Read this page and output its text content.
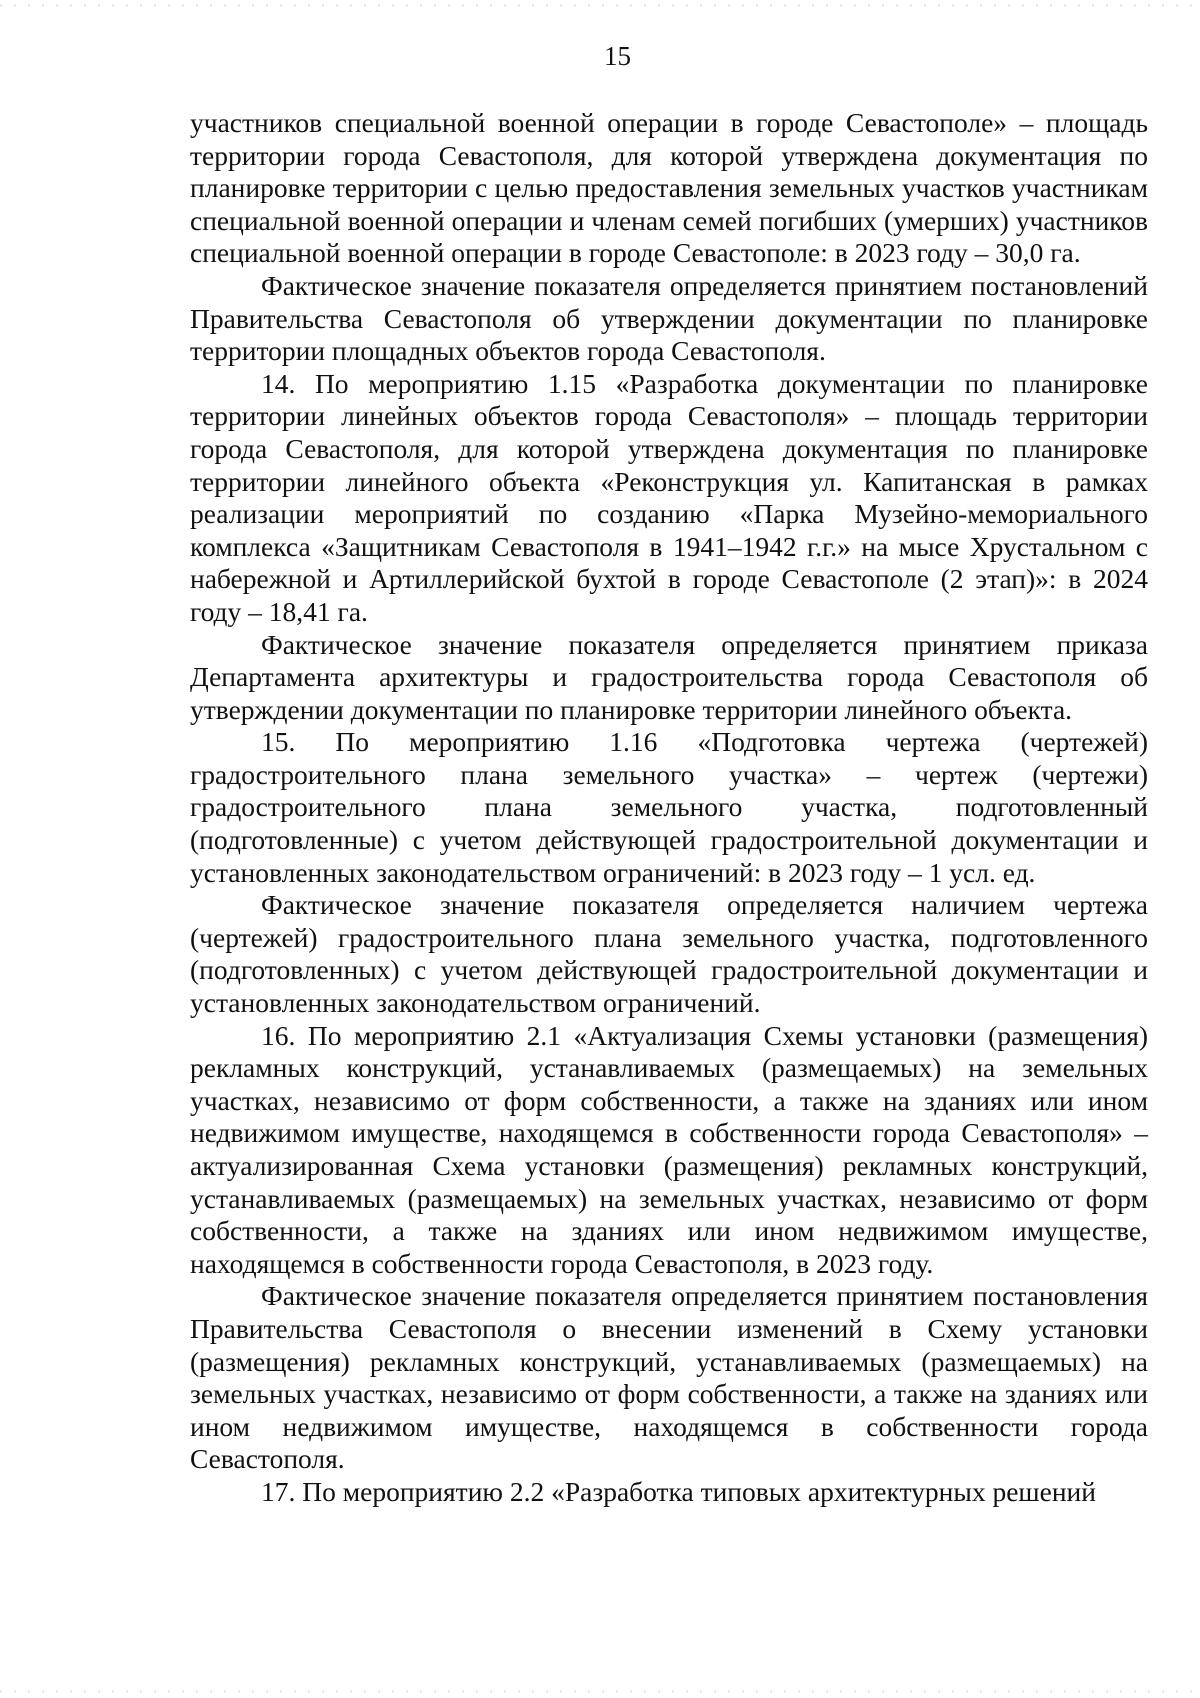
15

участников специальной военной операции в городе Севастополе» – площадь территории города Севастополя, для которой утверждена документация по планировке территории с целью предоставления земельных участков участникам специальной военной операции и членам семей погибших (умерших) участников специальной военной операции в городе Севастополе: в 2023 году – 30,0 га.

Фактическое значение показателя определяется принятием постановлений Правительства Севастополя об утверждении документации по планировке территории площадных объектов города Севастополя.

14. По мероприятию 1.15 «Разработка документации по планировке территории линейных объектов города Севастополя» – площадь территории города Севастополя, для которой утверждена документация по планировке территории линейного объекта «Реконструкция ул. Капитанская в рамках реализации мероприятий по созданию «Парка Музейно-мемориального комплекса «Защитникам Севастополя в 1941–1942 г.г.» на мысе Хрустальном с набережной и Артиллерийской бухтой в городе Севастополе (2 этап)»: в 2024 году – 18,41 га.

Фактическое значение показателя определяется принятием приказа Департамента архитектуры и градостроительства города Севастополя об утверждении документации по планировке территории линейного объекта.

15. По мероприятию 1.16 «Подготовка чертежа (чертежей) градостроительного плана земельного участка» – чертеж (чертежи) градостроительного плана земельного участка, подготовленный (подготовленные) с учетом действующей градостроительной документации и установленных законодательством ограничений: в 2023 году – 1 усл. ед.

Фактическое значение показателя определяется наличием чертежа (чертежей) градостроительного плана земельного участка, подготовленного (подготовленных) с учетом действующей градостроительной документации и установленных законодательством ограничений.

16. По мероприятию 2.1 «Актуализация Схемы установки (размещения) рекламных конструкций, устанавливаемых (размещаемых) на земельных участках, независимо от форм собственности, а также на зданиях или ином недвижимом имуществе, находящемся в собственности города Севастополя» – актуализированная Схема установки (размещения) рекламных конструкций, устанавливаемых (размещаемых) на земельных участках, независимо от форм собственности, а также на зданиях или ином недвижимом имуществе, находящемся в собственности города Севастополя, в 2023 году.

Фактическое значение показателя определяется принятием постановления Правительства Севастополя о внесении изменений в Схему установки (размещения) рекламных конструкций, устанавливаемых (размещаемых) на земельных участках, независимо от форм собственности, а также на зданиях или ином недвижимом имуществе, находящемся в собственности города Севастополя.

17. По мероприятию 2.2 «Разработка типовых архитектурных решений
